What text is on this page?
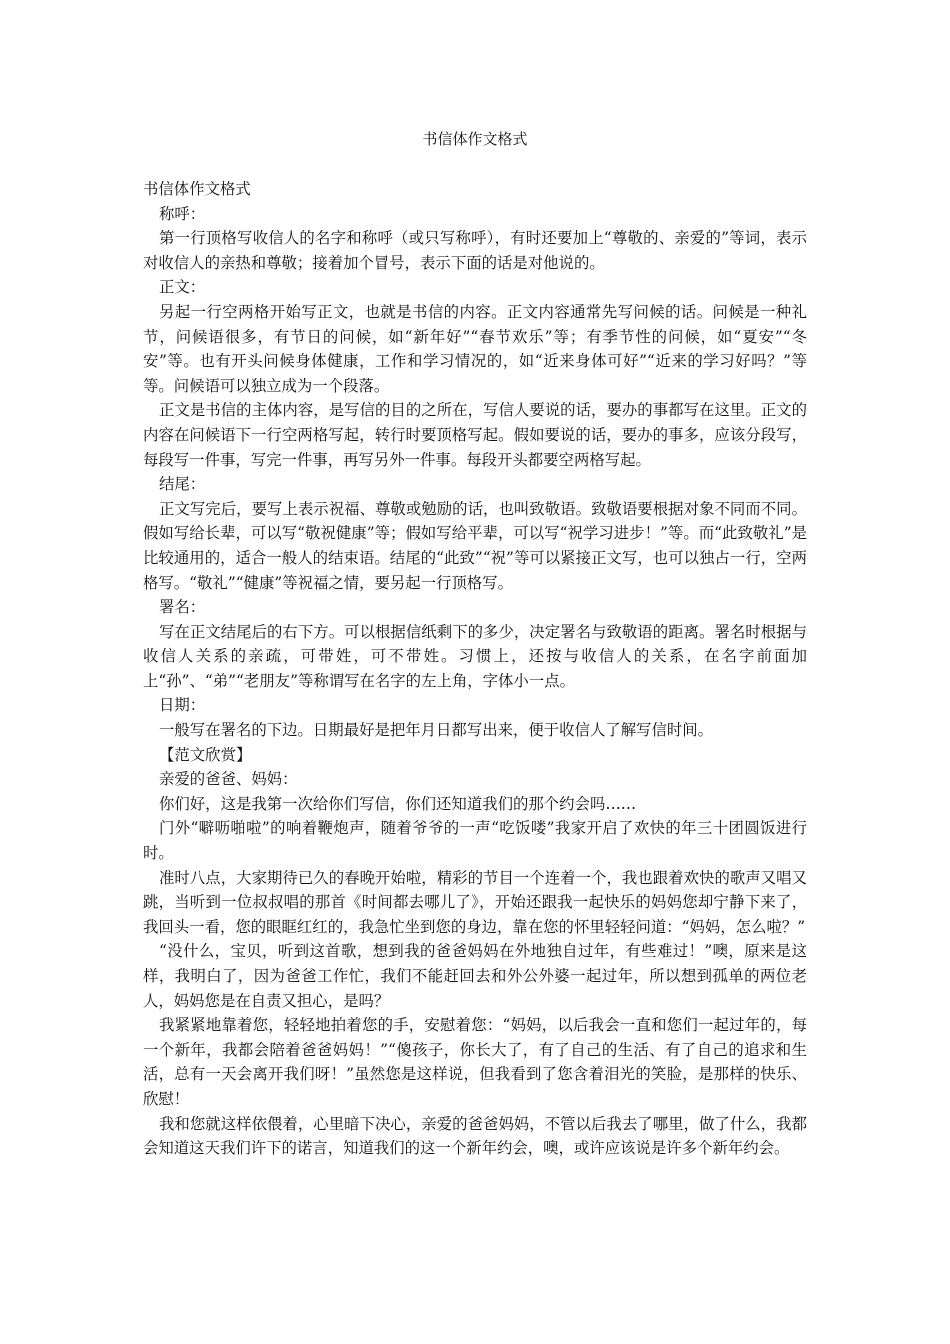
书信体作文格式

书信体作文格式

称呼：

第一行顶格写收信人的名字和称呼（或只写称呼），有时还要加上“尊敬的、亲爱的”等词，表示对收信人的亲热和尊敬；接着加个冒号，表示下面的话是对他说的。

正文：

另起一行空两格开始写正文，也就是书信的内容。正文内容通常先写问候的话。问候是一种礼节，问候语很多，有节日的问候，如“新年好”“春节欢乐”等；有季节性的问候，如“夏安”“冬安”等。也有开头问候身体健康，工作和学习情况的，如“近来身体可好”“近来的学习好吗？”等等。问候语可以独立成为一个段落。

正文是书信的主体内容，是写信的目的之所在，写信人要说的话，要办的事都写在这里。正文的内容在问候语下一行空两格写起，转行时要顶格写起。假如要说的话，要办的事多，应该分段写，每段写一件事，写完一件事，再写另外一件事。每段开头都要空两格写起。

结尾：

正文写完后，要写上表示祝福、尊敬或勉励的话，也叫致敬语。致敬语要根据对象不同而不同。假如写给长辈，可以写“敬祝健康”等；假如写给平辈，可以写“祝学习进步！”等。而“此致敬礼”是比较通用的，适合一般人的结束语。结尾的“此致”“祝”等可以紧接正文写，也可以独占一行，空两格写。“敬礼”“健康”等祝福之情，要另起一行顶格写。

署名：

写在正文结尾后的右下方。可以根据信纸剩下的多少，决定署名与致敬语的距离。署名时根据与收信人关系的亲疏，可带姓，可不带姓。习惯上，还按与收信人的关系，在名字前面加上“孙”、“弟”“老朋友”等称谓写在名字的左上角，字体小一点。

日期：

一般写在署名的下边。日期最好是把年月日都写出来，便于收信人了解写信时间。

【范文欣赏】

亲爱的爸爸、妈妈：

你们好，这是我第一次给你们写信，你们还知道我们的那个约会吗……

门外“噼呖啪啦”的响着鞭炮声，随着爷爷的一声“吃饭喽”我家开启了欢快的年三十团圆饭进行时。

准时八点，大家期待已久的春晚开始啦，精彩的节目一个连着一个，我也跟着欢快的歌声又唱又跳，当听到一位叔叔唱的那首《时间都去哪儿了》，开始还跟我一起快乐的妈妈您却宁静下来了，我回头一看，您的眼眶红红的，我急忙坐到您的身边，靠在您的怀里轻轻问道：“妈妈，怎么啦？”

“没什么，宝贝，听到这首歌，想到我的爸爸妈妈在外地独自过年，有些难过！”噢，原来是这样，我明白了，因为爸爸工作忙，我们不能赶回去和外公外婆一起过年，所以想到孤单的两位老人，妈妈您是在自责又担心，是吗？

我紧紧地靠着您，轻轻地拍着您的手，安慰着您：“妈妈，以后我会一直和您们一起过年的，每一个新年，我都会陪着爸爸妈妈！”“傻孩子，你长大了，有了自己的生活、有了自己的追求和生活，总有一天会离开我们呀！”虽然您是这样说，但我看到了您含着泪光的笑脸，是那样的快乐、欣慰！

我和您就这样依偎着，心里暗下决心，亲爱的爸爸妈妈，不管以后我去了哪里，做了什么，我都会知道这天我们许下的诺言，知道我们的这一个新年约会，噢，或许应该说是许多个新年约会。
